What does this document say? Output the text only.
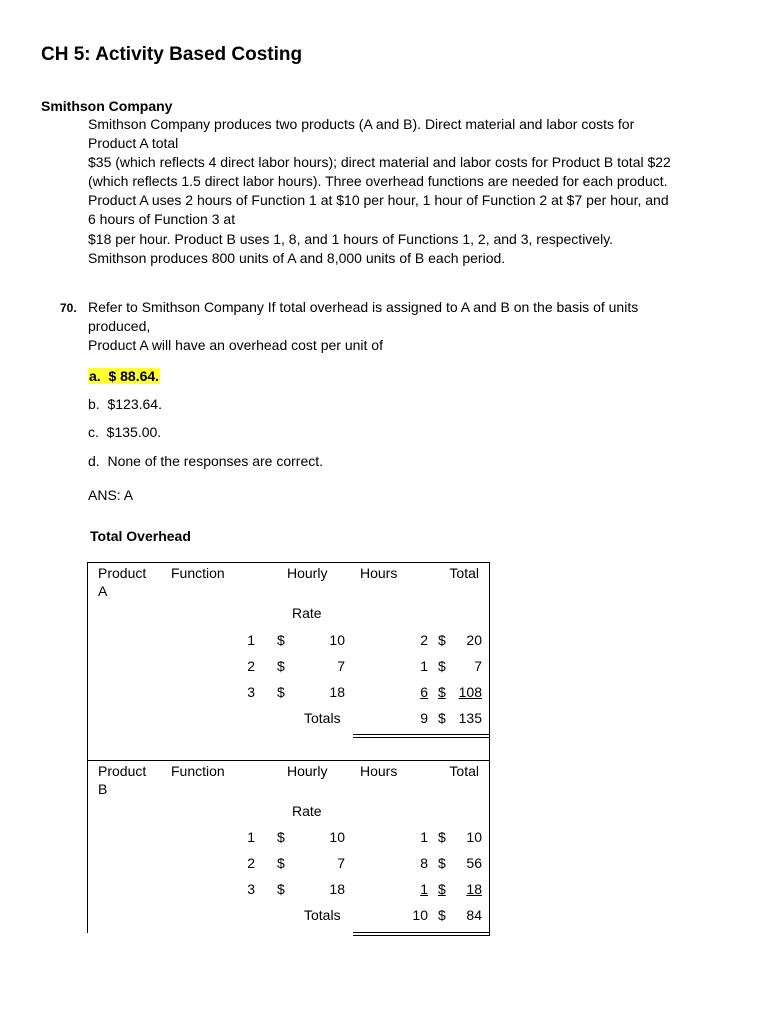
CH 5: Activity Based Costing
Smithson Company
Smithson Company produces two products (A and B). Direct material and labor costs for
Product A total
$35 (which reflects 4 direct labor hours); direct material and labor costs for Product B total $22
(which reflects 1.5 direct labor hours). Three overhead functions are needed for each product.
Product A uses 2 hours of Function 1 at $10 per hour, 1 hour of Function 2 at $7 per hour, and
6 hours of Function 3 at
$18 per hour. Product B uses 1, 8, and 1 hours of Functions 1, 2, and 3, respectively.
Smithson produces 800 units of A and 8,000 units of B each period.
70. Refer to Smithson Company If total overhead is assigned to A and B on the basis of units
produced,
Product A will have an overhead cost per unit of
a. $ 88.64.
b. $123.64.
c. $135.00.
d. None of the responses are correct.
ANS: A
Total Overhead
Product
A
Function	Hourly Hours	Total
Rate
1 $	10	2 $	20
2 $	7	1 $	7
3 $	18	6 $ 108
Totals	9 $ 135
Product
B
Function	Hourly Hours	Total
Rate
1 $	10	1 $	10
2 $	7	8 $	56
3 $	18	1 $	18
Totals	10 $	84
